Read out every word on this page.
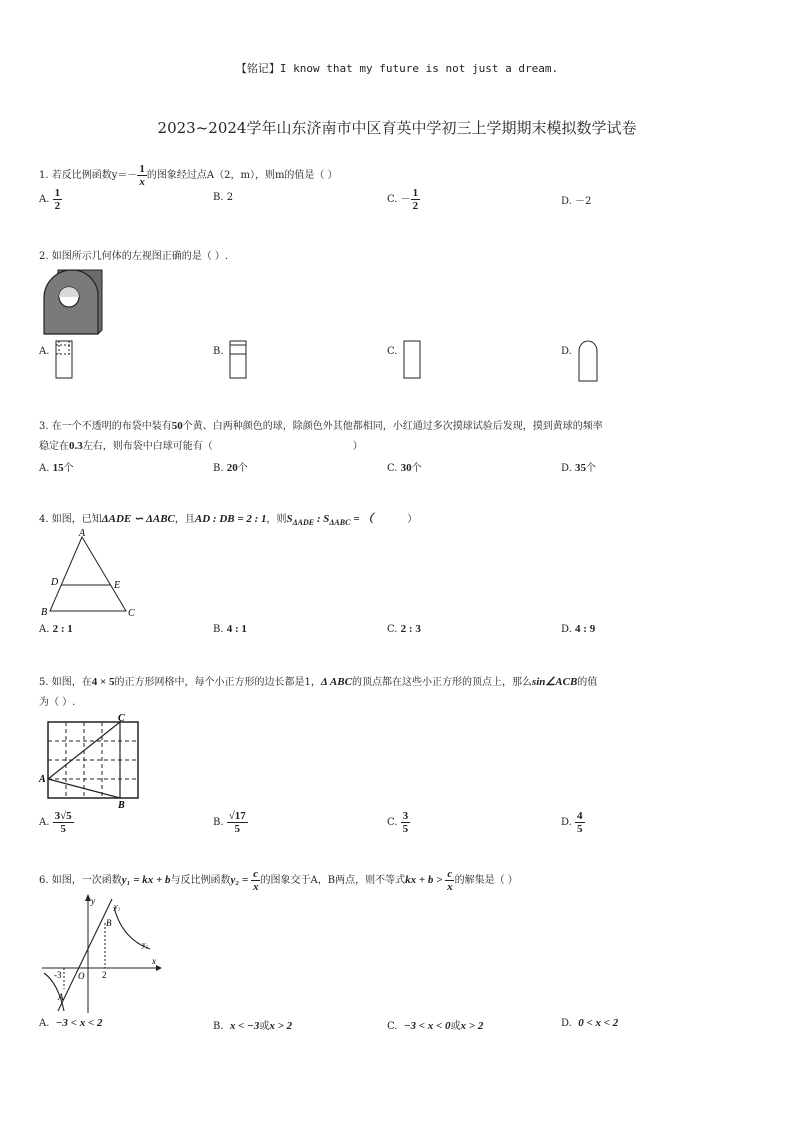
【铭记】I know that my future is not just a dream.
2023~2024学年山东济南市中区育英中学初三上学期期末模拟数学试卷
1. 若反比例函数$y=- \frac{1}{x}$ 的图象经过点A（2，m），则m的值是（ ）
A. $\frac{1}{2}$	B. 2	C. － $\frac{1}{2}$	D. －2
2. 如图所示几何体的左视图正确的是（ ）.
A.	B.	C.	D.
3. 在一个不透明的布袋中装有50个黄、白两种颜色的球，除颜色外其他都相同，小红通过多次摸球试验后发现，摸到黄球的频率
稳定在0.3左右，则布袋中白球可能有（	）
A. 15个	B. 20个	C. 30个	D. 35个
4. 如图，已知ΔADE ∽ ΔABC，且AD : DB = 2 : 1，则$S_{\Delta ADE}$ : $S_{\Delta ABC}$ = （	）
A
D	E
B	C
A. 2 : 1	B. 4 : 1	C. 2 : 3	D. 4 : 9
5. 如图，在4 × 5的正方形网格中，每个小正方形的边长都是1，Δ ABC的顶点都在这些小正方形的顶点上，那么sin∠ACB的值
为（ ）.
C
A
B
A. $\frac{3√5}{5}$	B. $\frac{√17}{5}$	C. $\frac{3}{5}$	D. $\frac{4}{5}$
6. 如图，一次函数y₁ = kx + b与反比例函数$y_2 = \frac{c}{x}$ 的图象交于A，B两点，则不等式kx + $b > \frac{c}{x}$ 的解集是（ ）
y
x
O
B
A
-3	2
y₁
y₂
A. −3 < x < 2	B. x < −3或x > 2	C. −3 < x < 0或x > 2	D. 0 < x < 2
